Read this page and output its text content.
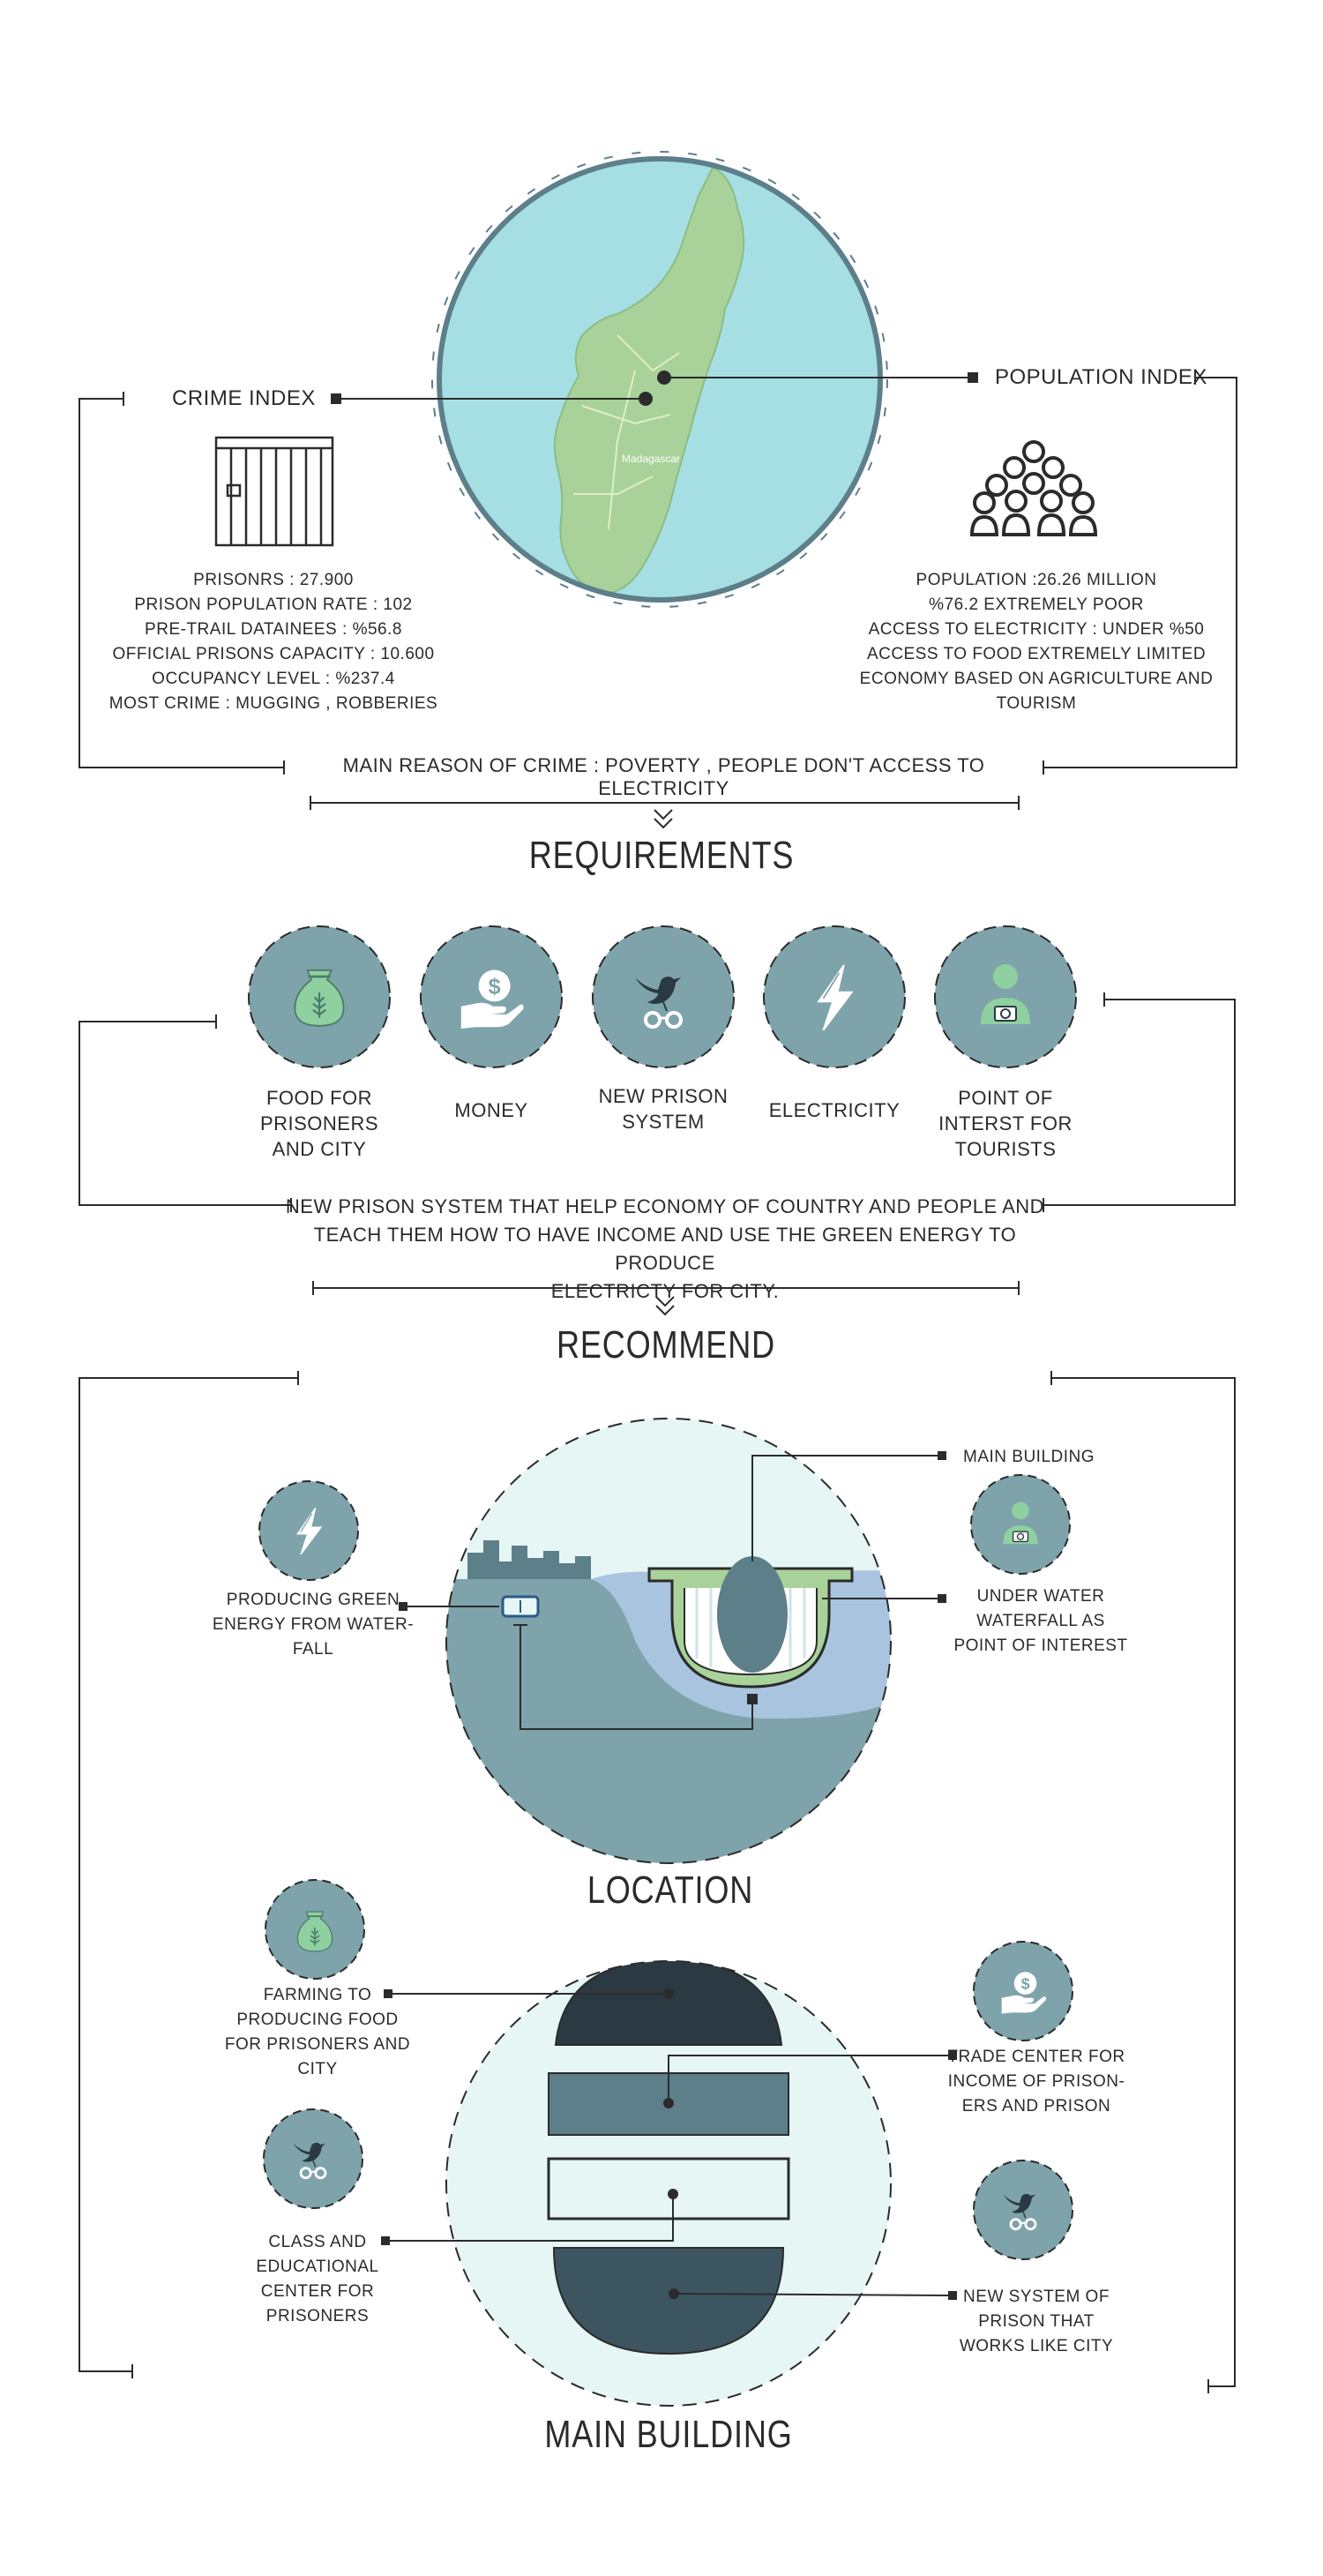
Madagascar
CRIME INDEX
POPULATION INDEX
PRISONRS : 27.900
PRISON POPULATION RATE : 102
PRE-TRAIL DATAINEES : %56.8
OFFICIAL PRISONS CAPACITY : 10.600
OCCUPANCY LEVEL : %237.4
MOST CRIME : MUGGING , ROBBERIES
POPULATION :26.26 MILLION
%76.2 EXTREMELY POOR
ACCESS TO ELECTRICITY : UNDER %50
ACCESS TO FOOD EXTREMELY LIMITED
ECONOMY BASED ON AGRICULTURE AND
TOURISM
MAIN REASON OF CRIME : POVERTY , PEOPLE DON'T ACCESS TO ELECTRICITY
REQUIREMENTS
FOOD FOR
PRISONERS
AND CITY
MONEY
NEW PRISON
SYSTEM
ELECTRICITY
POINT OF
INTERST FOR
TOURISTS
NEW PRISON SYSTEM THAT HELP ECONOMY OF COUNTRY AND PEOPLE AND
TEACH THEM HOW TO HAVE INCOME AND USE THE GREEN ENERGY TO PRODUCE
ELECTRICTY FOR CITY.
RECOMMEND
PRODUCING GREEN
ENERGY FROM WATER-
FALL
MAIN BUILDING
UNDER WATER
WATERFALL AS
POINT OF INTEREST
LOCATION
FARMING TO
PRODUCING FOOD
FOR PRISONERS AND
CITY
CLASS AND
EDUCATIONAL
CENTER FOR
PRISONERS
TRADE CENTER FOR
INCOME OF PRISON-
ERS AND PRISON
NEW SYSTEM OF
PRISON THAT
WORKS LIKE CITY
MAIN BUILDING
